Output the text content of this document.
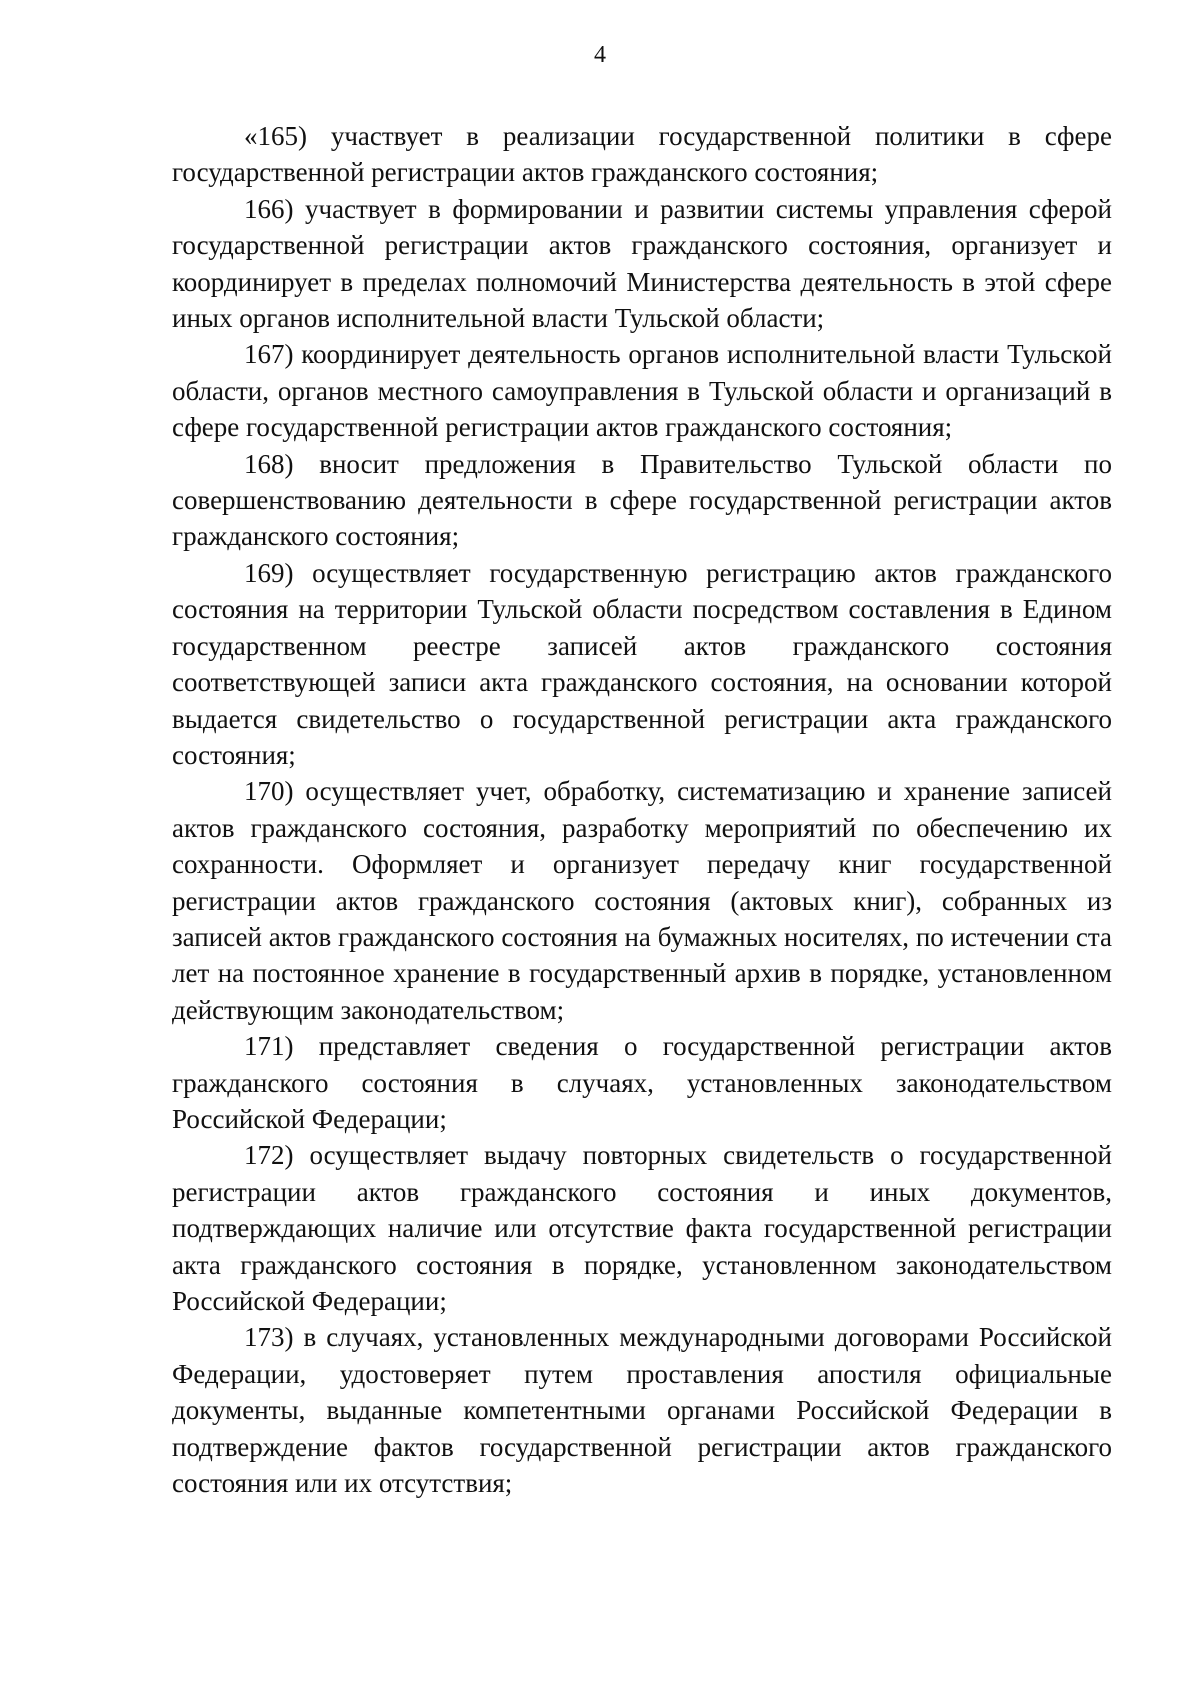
4

«165) участвует в реализации государственной политики в сфере государственной регистрации актов гражданского состояния;

166) участвует в формировании и развитии системы управления сферой государственной регистрации актов гражданского состояния, организует и координирует в пределах полномочий Министерства деятельность в этой сфере иных органов исполнительной власти Тульской области;

167) координирует деятельность органов исполнительной власти Тульской области, органов местного самоуправления в Тульской области и организаций в сфере государственной регистрации актов гражданского состояния;

168) вносит предложения в Правительство Тульской области по совершенствованию деятельности в сфере государственной регистрации актов гражданского состояния;

169) осуществляет государственную регистрацию актов гражданского состояния на территории Тульской области посредством составления в Едином государственном реестре записей актов гражданского состояния соответствующей записи акта гражданского состояния, на основании которой выдается свидетельство о государственной регистрации акта гражданского состояния;

170) осуществляет учет, обработку, систематизацию и хранение записей актов гражданского состояния, разработку мероприятий по обеспечению их сохранности. Оформляет и организует передачу книг государственной регистрации актов гражданского состояния (актовых книг), собранных из записей актов гражданского состояния на бумажных носителях, по истечении ста лет на постоянное хранение в государственный архив в порядке, установленном действующим законодательством;

171) представляет сведения о государственной регистрации актов гражданского состояния в случаях, установленных законодательством Российской Федерации;

172) осуществляет выдачу повторных свидетельств о государственной регистрации актов гражданского состояния и иных документов, подтверждающих наличие или отсутствие факта государственной регистрации акта гражданского состояния в порядке, установленном законодательством Российской Федерации;

173) в случаях, установленных международными договорами Российской Федерации, удостоверяет путем проставления апостиля официальные документы, выданные компетентными органами Российской Федерации в подтверждение фактов государственной регистрации актов гражданского состояния или их отсутствия;
